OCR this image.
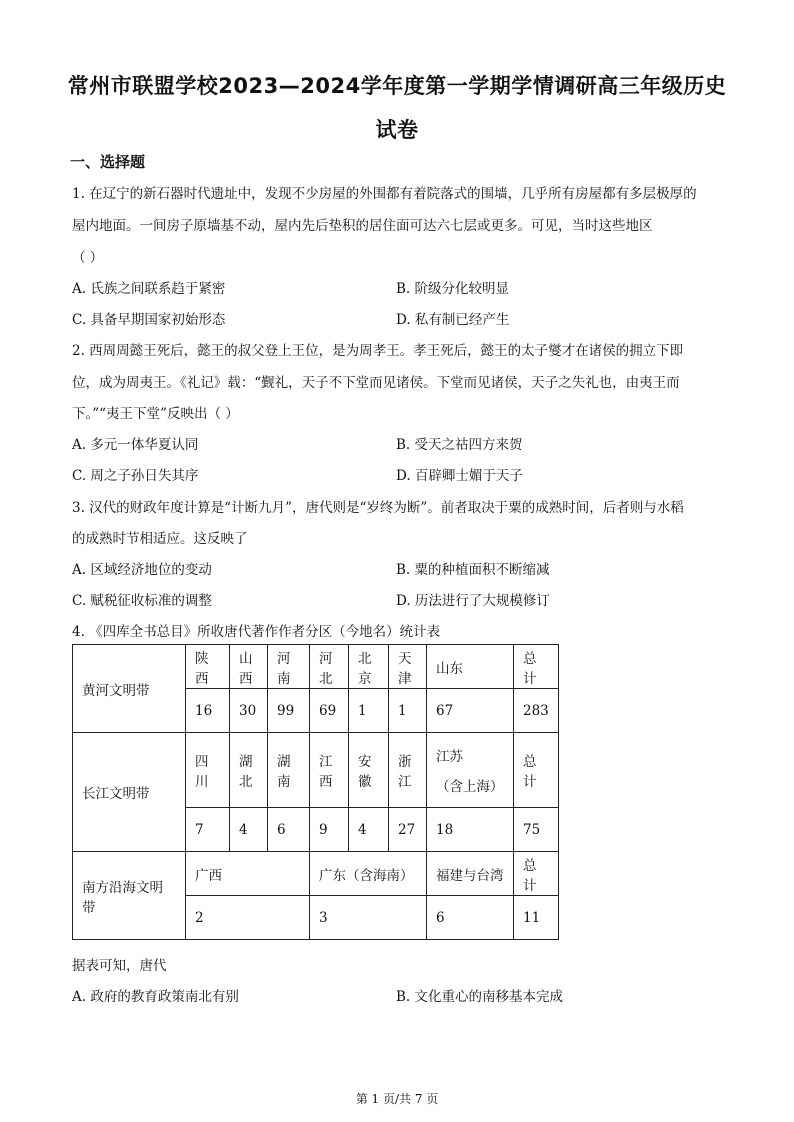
常州市联盟学校2023—2024学年度第一学期学情调研高三年级历史
试卷
一、选择题
1. 在辽宁的新石器时代遗址中，发现不少房屋的外围都有着院落式的围墙，几乎所有房屋都有多层极厚的
屋内地面。一间房子原墙基不动，屋内先后垫积的居住面可达六七层或更多。可见，当时这些地区
（ ）
A. 氏族之间联系趋于紧密	B. 阶级分化较明显
C. 具备早期国家初始形态	D. 私有制已经产生
2. 西周周懿王死后，懿王的叔父登上王位，是为周孝王。孝王死后，懿王的太子燮才在诸侯的拥立下即
位，成为周夷王。《礼记》载：“觐礼，天子不下堂而见诸侯。下堂而见诸侯，天子之失礼也，由夷王而
下。”“夷王下堂”反映出（ ）
A. 多元一体华夏认同	B. 受天之祜四方来贺
C. 周之子孙日失其序	D. 百辟卿士媚于天子
3. 汉代的财政年度计算是“计断九月”，唐代则是“岁终为断”。前者取决于粟的成熟时间，后者则与水稻
的成熟时节相适应。这反映了
A. 区域经济地位的变动	B. 粟的种植面积不断缩减
C. 赋税征收标准的调整	D. 历法进行了大规模修订
4. 《四库全书总目》所收唐代著作作者分区（今地名）统计表
黄河文明带	陕西	山西	河南	河北	北京	天津	山东	总计
	16	30	99	69	1	1	67	283
长江文明带	四川	湖北	湖南	江西	安徽	浙江	江苏
（含上海）	总计
	7	4	6	9	4	27	18	75
南方沿海文明带	广西			广东（含海南）			福建与台湾	总计
	2			3			6	11
据表可知，唐代
A. 政府的教育政策南北有别	B. 文化重心的南移基本完成
第 1 页/共 7 页
